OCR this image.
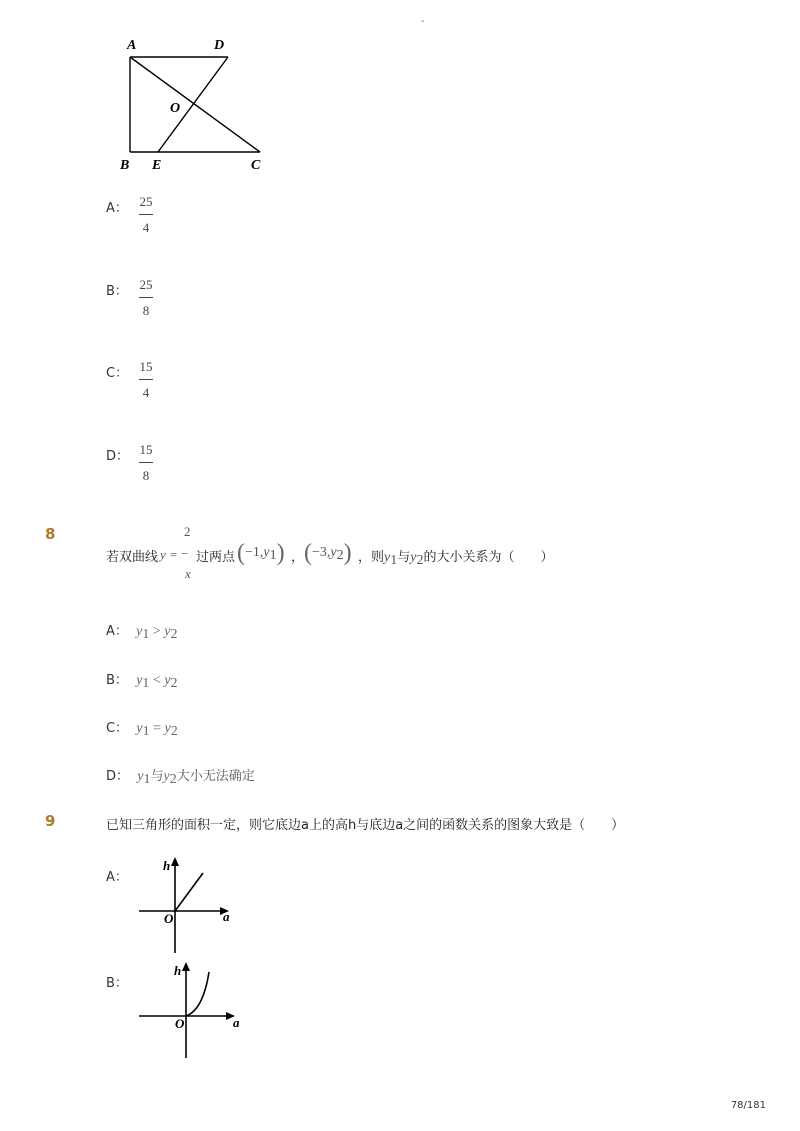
-
A	D
O
B E	C
A： 25
4
B： 25
8
C： 15
4
D： 15
8
8
若双曲线 y =
2
−
x
过两点 $(-1,y_1)$ ， $(-3,y_2)$ ，则 $y_1$与$y_2$的大小关系为（　　）
A： $y_1 > y_2$
B： $y_1 < y_2$
C： $y_1 = y_2$
D： $y_1$与$y_2$大小无法确定
9	已知三角形的面积一定，则它底边a上的高h与底边a之间的函数关系的图象大致是（　　）
A：
h
a
O
B：
h
a
O
78/181
